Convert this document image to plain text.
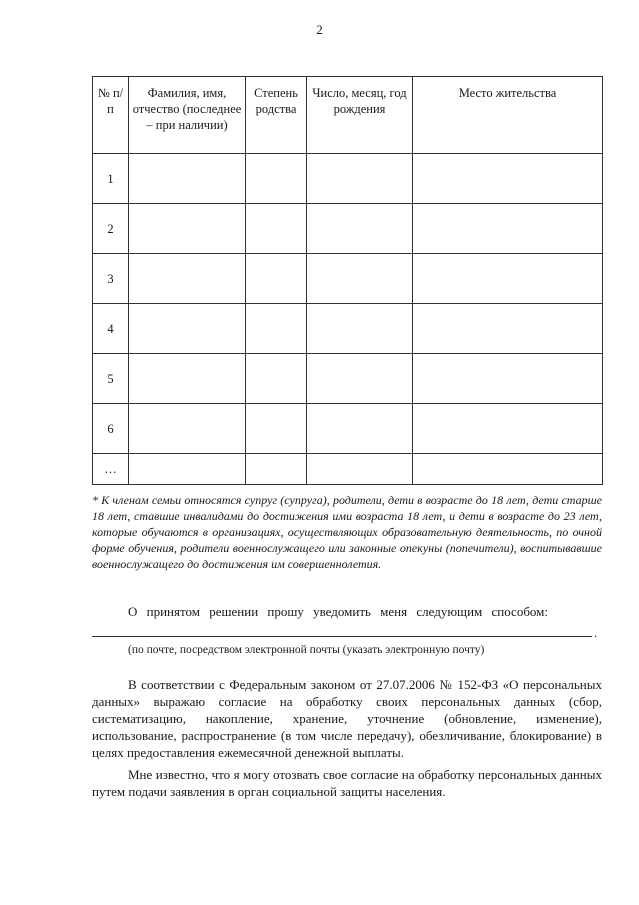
2
№ п/п	Фамилия, имя, отчество (последнее – при наличии)	Степень родства	Число, месяц, год рождения	Место жительства
1				
2				
3				
4				
5				
6				
…				
* К членам семьи относятся супруг (супруга), родители, дети в возрасте до 18 лет, дети старше 18 лет, ставшие инвалидами до достижения ими возраста 18 лет, и дети в возрасте до 23 лет, которые обучаются в организациях, осуществляющих образовательную деятельность, по очной форме обучения, родители военнослужащего или законные опекуны (попечители), воспитывавшие военнослужащего до достижения им совершеннолетия.
О принятом решении прошу уведомить меня следующим способом:
.
(по почте, посредством электронной почты (указать электронную почту)

В соответствии с Федеральным законом от 27.07.2006 № 152-ФЗ «О персональных данных» выражаю согласие на обработку своих персональных данных (сбор, систематизацию, накопление, хранение, уточнение (обновление, изменение), использование, распространение (в том числе передачу), обезличивание, блокирование) в целях предоставления ежемесячной денежной выплаты.

Мне известно, что я могу отозвать свое согласие на обработку персональных данных путем подачи заявления в орган социальной защиты населения.
